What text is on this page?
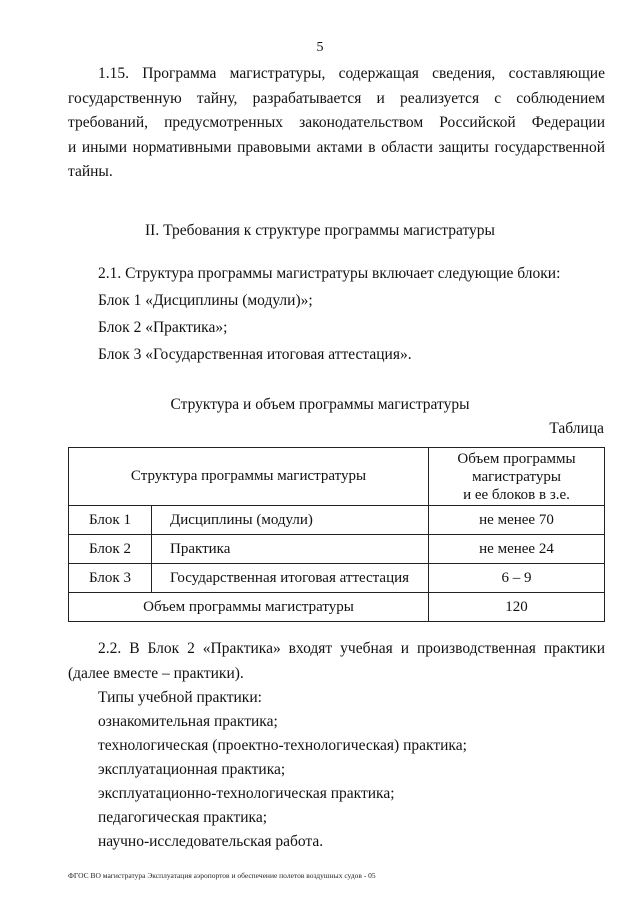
5
1.15. Программа магистратуры, содержащая сведения, составляющие
государственную тайну, разрабатывается и реализуется с соблюдением
требований, предусмотренных законодательством Российской Федерации
и иными нормативными правовыми актами в области защиты государственной
тайны.
II. Требования к структуре программы магистратуры
2.1. Структура программы магистратуры включает следующие блоки:
Блок 1 «Дисциплины (модули)»;
Блок 2 «Практика»;
Блок 3 «Государственная итоговая аттестация».
Структура и объем программы магистратуры
Таблица
Структура программы магистратуры		Объем программы
магистратуры
и ее блоков в з.е.
Блок 1	Дисциплины (модули)	не менее 70
Блок 2	Практика	не менее 24
Блок 3	Государственная итоговая аттестация	6 – 9
Объем программы магистратуры		120
2.2. В Блок 2 «Практика» входят учебная и производственная практики
(далее вместе – практики).
Типы учебной практики:
ознакомительная практика;
технологическая (проектно-технологическая) практика;
эксплуатационная практика;
эксплуатационно-технологическая практика;
педагогическая практика;
научно-исследовательская работа.
ФГОС ВО магистратура Эксплуатация аэропортов и обеспечение полетов воздушных судов - 05
